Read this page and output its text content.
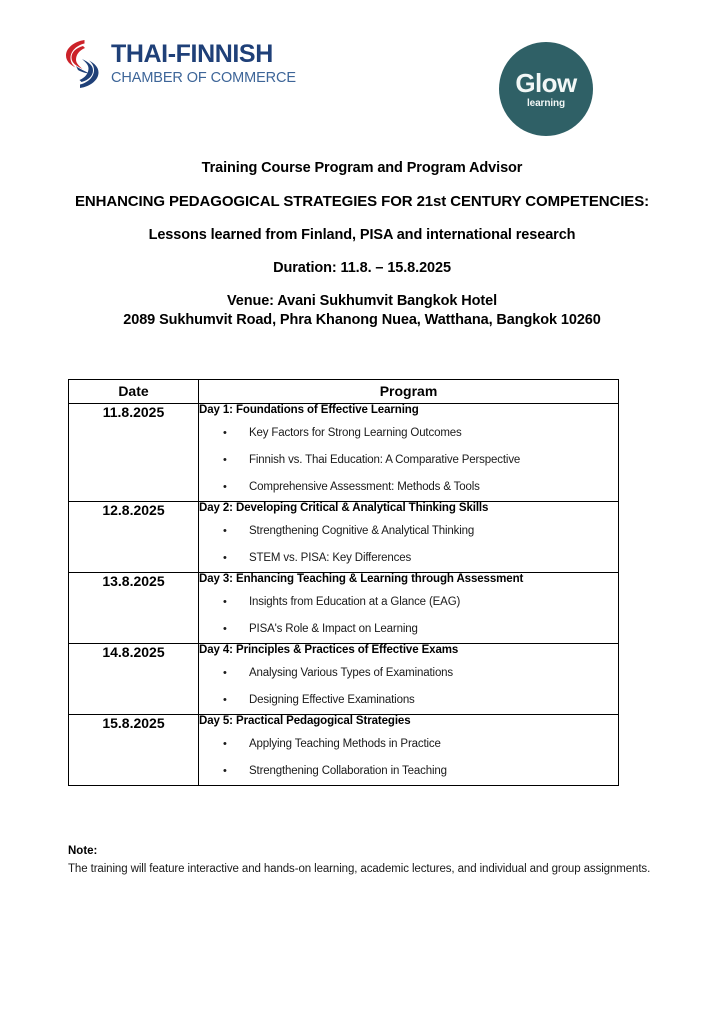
THAI-FINNISH
CHAMBER OF COMMERCE	Glow
learning

Training Course Program and Program Advisor

ENHANCING PEDAGOGICAL STRATEGIES FOR 21st CENTURY COMPETENCIES:

Lessons learned from Finland, PISA and international research

Duration: 11.8. – 15.8.2025

Venue: Avani Sukhumvit Bangkok Hotel

2089 Sukhumvit Road, Phra Khanong Nuea, Watthana, Bangkok 10260

Date	Program
11.8.2025	Day 1: Foundations of Effective Learning
• Key Factors for Strong Learning Outcomes
• Finnish vs. Thai Education: A Comparative Perspective
• Comprehensive Assessment: Methods & Tools

12.8.2025	Day 2: Developing Critical & Analytical Thinking Skills
• Strengthening Cognitive & Analytical Thinking
• STEM vs. PISA: Key Differences

13.8.2025	Day 3: Enhancing Teaching & Learning through Assessment
• Insights from Education at a Glance (EAG)
• PISA's Role & Impact on Learning

14.8.2025	Day 4: Principles & Practices of Effective Exams
• Analysing Various Types of Examinations
• Designing Effective Examinations

15.8.2025	Day 5: Practical Pedagogical Strategies
• Applying Teaching Methods in Practice
• Strengthening Collaboration in Teaching
Note:
The training will feature interactive and hands-on learning, academic lectures, and individual and group assignments.
